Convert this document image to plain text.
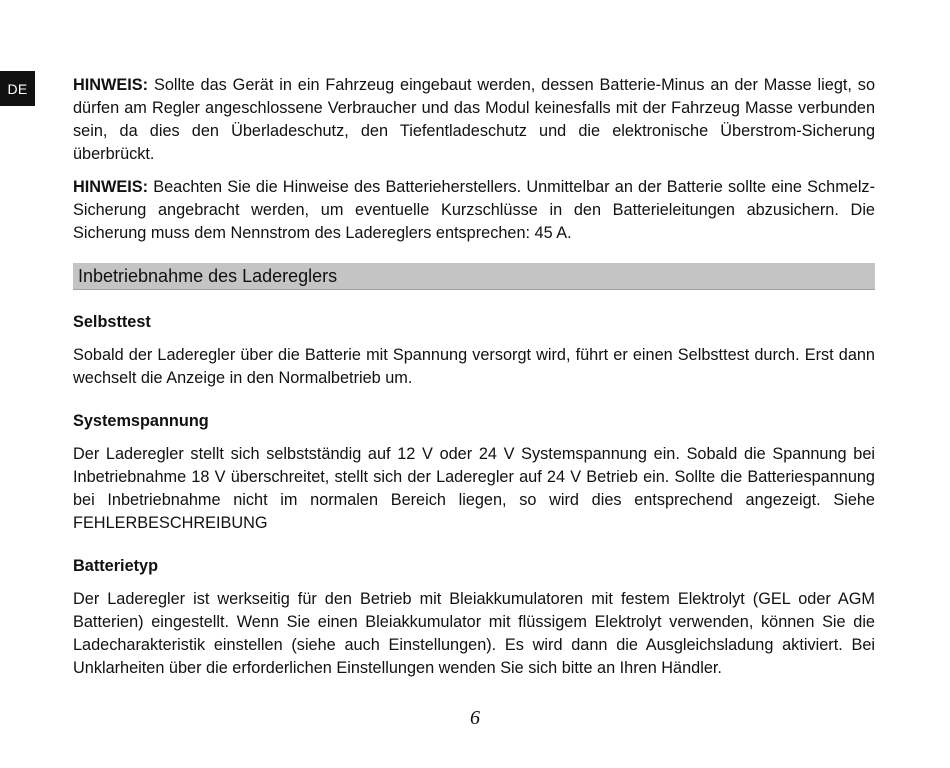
DE	HINWEIS: Sollte das Gerät in ein Fahrzeug eingebaut werden, dessen Batterie-Minus an der Masse liegt, so dürfen am Regler angeschlossene Verbraucher und das Modul keinesfalls mit der Fahrzeug Masse verbunden sein, da dies den Überladeschutz, den Tiefentladeschutz und die elektronische Überstrom-Sicherung überbrückt.

HINWEIS: Beachten Sie die Hinweise des Batterieherstellers. Unmittelbar an der Batterie sollte eine Schmelz-Sicherung angebracht werden, um eventuelle Kurzschlüsse in den Batterieleitungen abzusichern. Die Sicherung muss dem Nennstrom des Ladereglers entsprechen: 45 A.

Inbetriebnahme des Ladereglers
Selbsttest

Sobald der Laderegler über die Batterie mit Spannung versorgt wird, führt er einen Selbsttest durch. Erst dann wechselt die Anzeige in den Normalbetrieb um.

Systemspannung

Der Laderegler stellt sich selbstständig auf 12 V oder 24 V Systemspannung ein. Sobald die Spannung bei Inbetriebnahme 18 V überschreitet, stellt sich der Laderegler auf 24 V Betrieb ein. Sollte die Batteriespannung bei Inbetriebnahme nicht im normalen Bereich liegen, so wird dies entsprechend angezeigt. Siehe FEHLERBESCHREIBUNG

Batterietyp

Der Laderegler ist werkseitig für den Betrieb mit Bleiakkumulatoren mit festem Elektrolyt (GEL oder AGM Batterien) eingestellt. Wenn Sie einen Bleiakkumulator mit flüssigem Elektrolyt verwenden, können Sie die Ladecharakteristik einstellen (siehe auch Einstellungen). Es wird dann die Ausgleichsladung aktiviert. Bei Unklarheiten über die erforderlichen Einstellungen wenden Sie sich bitte an Ihren Händler.

6
